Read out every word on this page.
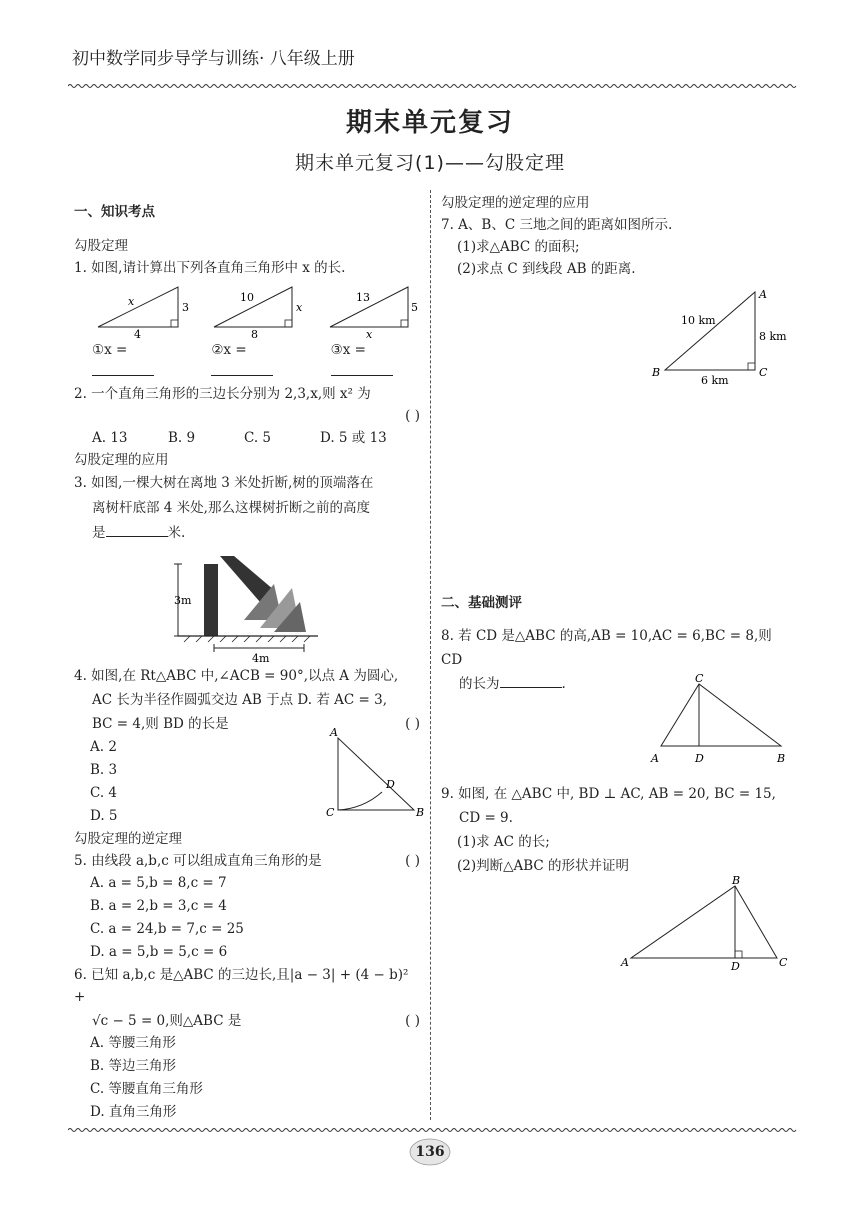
初中数学同步导学与训练· 八年级上册
期末单元复习
期末单元复习(1)——勾股定理
一、知识考点
勾股定理
1. 如图,请计算出下列各直角三角形中 x 的长.
x	3
4
10
x
8
13
5
x
①x =	②x =	③x =
2. 一个直角三角形的三边长分别为 2,3,x,则 x² 为
( )
A. 13	B. 9	C. 5	D. 5 或 13
勾股定理的应用
3. 如图,一棵大树在离地 3 米处折断,树的顶端落在
离树杆底部 4 米处,那么这棵树折断之前的高度
是	米.
3m
4m
4. 如图,在 Rt△ABC 中,∠ACB = 90°,以点 A 为圆心,
AC 长为半径作圆弧交边 AB 于点 D. 若 AC = 3,
BC = 4,则 BD 的长是	( )
A. 2
B. 3
C. 4
D. 5
A
D
C	B
勾股定理的逆定理
5. 由线段 a,b,c 可以组成直角三角形的是	( )
A. a = 5,b = 8,c = 7
B. a = 2,b = 3,c = 4
C. a = 24,b = 7,c = 25
D. a = 5,b = 5,c = 6
6. 已知 a,b,c 是△ABC 的三边长,且|a − 3| + (4 − b)² +
√c − 5 = 0,则△ABC 是	( )
A. 等腰三角形
B. 等边三角形
C. 等腰直角三角形
D. 直角三角形
勾股定理的逆定理的应用
7. A、B、C 三地之间的距离如图所示.
(1)求△ABC 的面积;
(2)求点 C 到线段 AB 的距离.
A
B	C
10 km
8 km
6 km
二、基础测评
8. 若 CD 是△ABC 的高,AB = 10,AC = 6,BC = 8,则 CD
的长为	.	C
A	D	B
9. 如图, 在 △ABC 中, BD ⊥ AC, AB = 20, BC = 15,
CD = 9.
(1)求 AC 的长;
(2)判断△ABC 的形状并证明
B
A	D	C
136
